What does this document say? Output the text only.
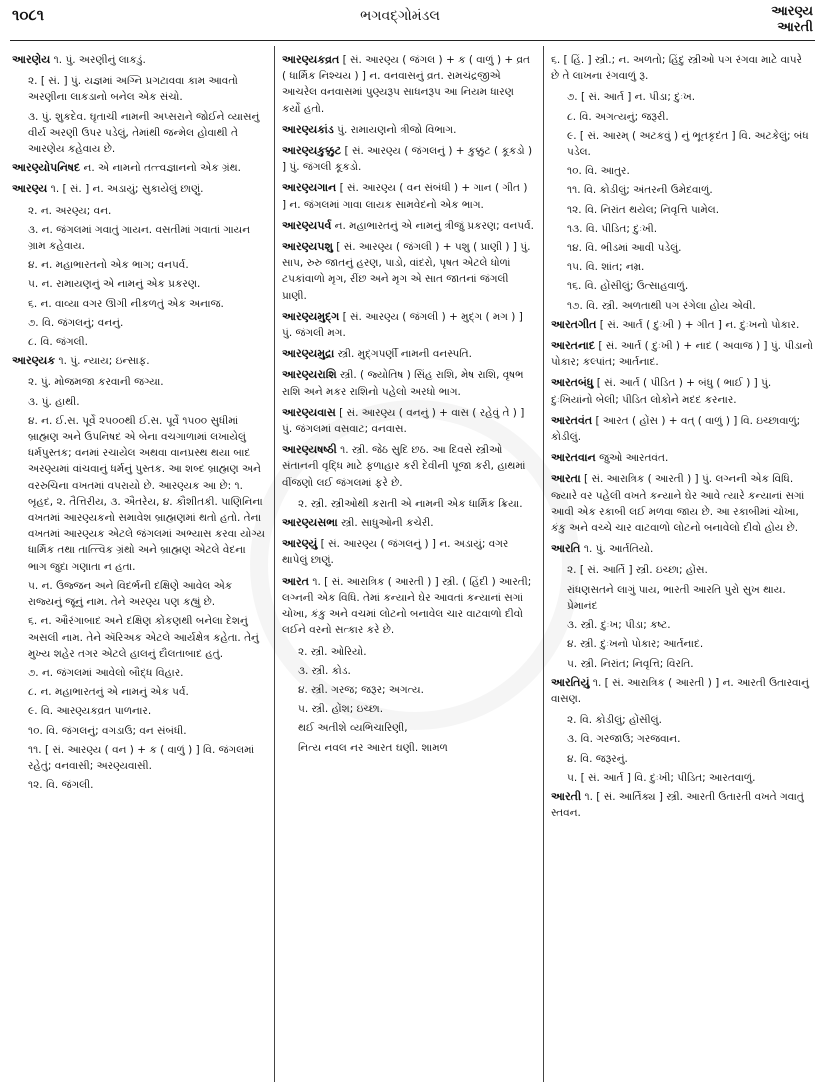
૧૦૮૧	ભગવદ્ગોમંડલ	આરણ્ય
આરતી
આરણેય ૧. પું. અરણીનું લાકડું.
૨. [ સં. ] પું. યજ્ઞમાં અગ્નિ પ્રગટાવવા કામ આવતો અરણીના લાકડાનો બનેલ એક સંચો.
૩. પું. શુકદેવ. ઘૃતાચી નામની અપ્સરાને જોઈને વ્યાસનું વીર્ય અરણી ઉપર પડેલું, તેમાંથી જન્મેલ હોવાથી તે આરણેય કહેવાય છે.
આરણ્યોપનિષદ ન. એ નામનો તત્ત્વજ્ઞાનનો એક ગ્રંથ.
આરણ્ય ૧. [ સં. ] ન. અડાયું; સુકાયેલું છાણું.
૨. ન. અરણ્ય; વન.
૩. ન. જંગલમાં ગવાતું ગાયન. વસતીમાં ગવાતાં ગાયન ગ્રામ કહેવાય.
૪. ન. મહાભારતનો એક ભાગ; વનપર્વ.
૫. ન. રામાયણનું એ નામનું એક પ્રકરણ.
૬. ન. વાવ્યા વગર ઊગી નીકળતું એક અનાજ.
૭. વિ. જંગલનું; વનનું.
૮. વિ. જંગલી.
આરણ્યક ૧. પું. ન્યાય; ઇન્સાફ.
૨. પું. મોજમજા કરવાની જગ્યા.
૩. પું. હાથી.
૪. ન. ઈ.સ. પૂર્વે ૨૫૦૦થી ઈ.સ. પૂર્વે ૧૫૦૦ સુધીમાં બ્રાહ્મણ અને ઉપનિષદ એ બેના વચગાળામાં લખાયેલું ધર્મપુસ્તક; વનમાં રચાયેલ અથવા વાનપ્રસ્થ થયા બાદ અરણ્યમાં વાંચવાનું ધર્મનું પુસ્તક. આ શબ્દ બ્રાહ્મણ અને વરરુચિના વખતમાં વપરાયો છે. આરણ્યક આ છે: ૧. બૃહદ, ૨. તૈત્તિરીય, ૩. ઐતરેય, ૪. કૌશીતકી. પાણિનિના વખતમાં આરણ્યકનો સમાવેશ બ્રાહ્મણમાં થતો હતો. તેના વખતમાં આરણ્યક એટલે જંગલમાં અભ્યાસ કરવા યોગ્ય ધાર્મિક તથા તાત્ત્વિક ગ્રંથો અને બ્રાહ્મણ એટલે વેદના ભાગ જુદા ગણાતા ન હતા.
૫. ન. ઉજ્જન અને વિદર્ભની દક્ષિણે આવેલ એક રાજ્યનું જૂનું નામ. તેને અરણ્ય પણ કહ્યું છે.
૬. ન. ઔરંગાબાદ અને દક્ષિણ કોંકણથી બનેલા દેશનું અસલી નામ. તેને ઍરિઅક એટલે આર્યક્ષેત્ર કહેતા. તેનું મુખ્ય શહેર તગર એટલે હાલનું દૌલતાબાદ હતું.
૭. ન. જંગલમાં આવેલો બૌદ્ધ વિહાર.
૮. ન. મહાભારતનું એ નામનું એક પર્વ.
૯. વિ. આરણ્યકવ્રત પાળનાર.
૧૦. વિ. જંગલનું; વગડાઉ; વન સંબંધી.
૧૧. [ સં. આરણ્ય ( વન ) + ક ( વાળું ) ] વિ. જંગલમાં રહેતું; વનવાસી; અરણ્યવાસી.
૧૨. વિ. જંગલી.
આરણ્યકવ્રત [ સં. આરણ્ય ( જંગલ ) + ક ( વાળું ) + વ્રત ( ધાર્મિક નિશ્ચય ) ] ન. વનવાસનું વ્રત. રામચંદ્રજીએ આચરેલ વનવાસમાં પુણ્યરૂપ સાધનરૂપ આ નિયમ ધારણ કર્યો હતો.
આરણ્યકાંડ પું. રામાયણનો ત્રીજો વિભાગ.
આરણ્યકુક્કુટ [ સં. આરણ્ય ( જંગલનું ) + કુક્કુટ ( કૂકડો ) ] પું. જંગલી કૂકડો.
આરણ્યગાન [ સં. આરણ્ય ( વન સંબંધી ) + ગાન ( ગીત ) ] ન. જંગલમાં ગાવા લાયક સામવેદનો એક ભાગ.
આરણ્યપર્વ ન. મહાભારતનું એ નામનું ત્રીજું પ્રકરણ; વનપર્વ.
આરણ્યપશુ [ સં. આરણ્ય ( જંગલી ) + પશુ ( પ્રાણી ) ] પું. સાપ, રુરુ જાતનું હરણ, પાડો, વાંદરો, પૃષત એટલે ધોળાં ટપકાંવાળો મૃગ, રીંછ અને મૃગ એ સાત જાતનાં જંગલી પ્રાણી.
આરણ્યમુદ્ગ [ સં. આરણ્ય ( જંગલી ) + મુદ્ગ ( મગ ) ] પું. જંગલી મગ.
આરણ્યમુદ્રા સ્ત્રી. મુદ્ગપર્ણી નામની વનસ્પતિ.
આરણ્યરાશિ સ્ત્રી. ( જ્યોતિષ ) સિંહ રાશિ, મેષ રાશિ, વૃષભ રાશિ અને મકર રાશિનો પહેલો અરધો ભાગ.
આરણ્યવાસ [ સં. આરણ્ય ( વનનું ) + વાસ ( રહેવું તે ) ] પું. જંગલમાં વસવાટ; વનવાસ.
આરણ્યષષ્ઠી ૧. સ્ત્રી. જેઠ સુદિ છઠ. આ દિવસે સ્ત્રીઓ સંતાનની વૃદ્ધિ માટે ફળાહાર કરી દેવીની પૂજા કરી, હાથમાં વીંજણો લઈ જંગલમાં ફરે છે.
૨. સ્ત્રી. સ્ત્રીઓથી કરાતી એ નામની એક ધાર્મિક ક્રિયા.
આરણ્યસભા સ્ત્રી. સાધુઓની કચેરી.
આરણ્યું [ સં. આરણ્ય ( જંગલનું ) ] ન. અડાયું; વગર થાપેલું છાણું.
આરત ૧. [ સં. આરાત્રિક ( આરતી ) ] સ્ત્રી. ( હિંદી ) આરતી; લગ્નની એક વિધિ. તેમાં કન્યાને ઘેર આવતાં કન્યાનાં સગાં ચોખા, કંકુ અને વચમાં લોટનો બનાવેલ ચાર વાટવાળો દીવો લઈને વરનો સત્કાર કરે છે.
૨. સ્ત્રી. ઓરિયો.
૩. સ્ત્રી. કોડ.
૪. સ્ત્રી. ગરજ; જરૂર; અગત્ય.
૫. સ્ત્રી. હોંશ; ઇચ્છા.
થઈ અતીશે વ્યભિચારિણી,
નિત્ય નવલ નર આરત ઘણી. શામળ
૬. [ હિં. ] સ્ત્રી.; ન. અળતો; હિંદુ સ્ત્રીઓ પગ રંગવા માટે વાપરે છે તે લાખના રંગવાળું રૂ.
૭. [ સં. આર્ત ] ન. પીડા; દુઃખ.
૮. વિ. અગત્યનું; જરૂરી.
૯. [ સં. આરમ્ ( અટકવું ) નું ભૂતકૃદંત ] વિ. અટકેલું; બંધ પડેલ.
૧૦. વિ. આતુર.
૧૧. વિ. કોડીલું; અંતરની ઉમેદવાળું.
૧૨. વિ. નિરાંત થયેલ; નિવૃત્તિ પામેલ.
૧૩. વિ. પીડિત; દુઃખી.
૧૪. વિ. ભીડમાં આવી પડેલું.
૧૫. વિ. શાંત; નમ્ર.
૧૬. વિ. હોંસીલું; ઉત્સાહવાળું.
૧૭. વિ. સ્ત્રી. અળતાથી પગ રંગેલા હોય એવી.
આરતગીત [ સં. આર્ત ( દુઃખી ) + ગીત ] ન. દુઃખનો પોકાર.
આરતનાદ [ સં. આર્ત ( દુઃખી ) + નાદ ( અવાજ ) ] પું. પીડાનો પોકાર; કલ્પાંત; આર્તનાદ.
આરતબંધુ [ સં. આર્ત ( પીડિત ) + બંધુ ( ભાઈ ) ] પું. દુઃખિયાંનો બેલી; પીડિત લોકોને મદદ કરનાર.
આરતવંત [ આરત ( હોંસ ) + વત્ ( વાળું ) ] વિ. ઇચ્છાવાળું; કોડીલું.
આરતવાન જુઓ આરતવંત.
આરતા [ સં. આરાત્રિક ( આરતી ) ] પું. લગ્નની એક વિધિ. જ્યારે વર પહેલી વખતે કન્યાને ઘેર આવે ત્યારે કન્યાનાં સગાં આવી એક રકાબી લઈ મળવા જાય છે. આ રકાબીમાં ચોખા, કંકુ અને વચ્ચે ચાર વાટવાળો લોટનો બનાવેલો દીવો હોય છે.
આરતિ ૧. પું. આર્તતિયો.
૨. [ સં. આર્તિ ] સ્ત્રી. ઇચ્છા; હોંસ.
રાંધણસતને લાગું પાય, ભારતી આરતિ પુરો સુખ થાય. પ્રેમાનંદ
૩. સ્ત્રી. દુઃખ; પીડા; કષ્ટ.
૪. સ્ત્રી. દુઃખનો પોકાર; આર્તનાદ.
૫. સ્ત્રી. નિરાંત; નિવૃત્તિ; વિરતિ.
આરતિયું ૧. [ સં. આરાત્રિક ( આરતી ) ] ન. આરતી ઉતારવાનું વાસણ.
૨. વિ. કોડીલું; હોંસીલું.
૩. વિ. ગરજાઉ; ગરજવાન.
૪. વિ. જરૂરનું.
૫. [ સં. આર્ત ] વિ. દુઃખી; પીડિત; આરતવાળું.
આરતી ૧. [ સં. આર્તિક્ય ] સ્ત્રી. આરતી ઉતારતી વખતે ગવાતું સ્તવન.
